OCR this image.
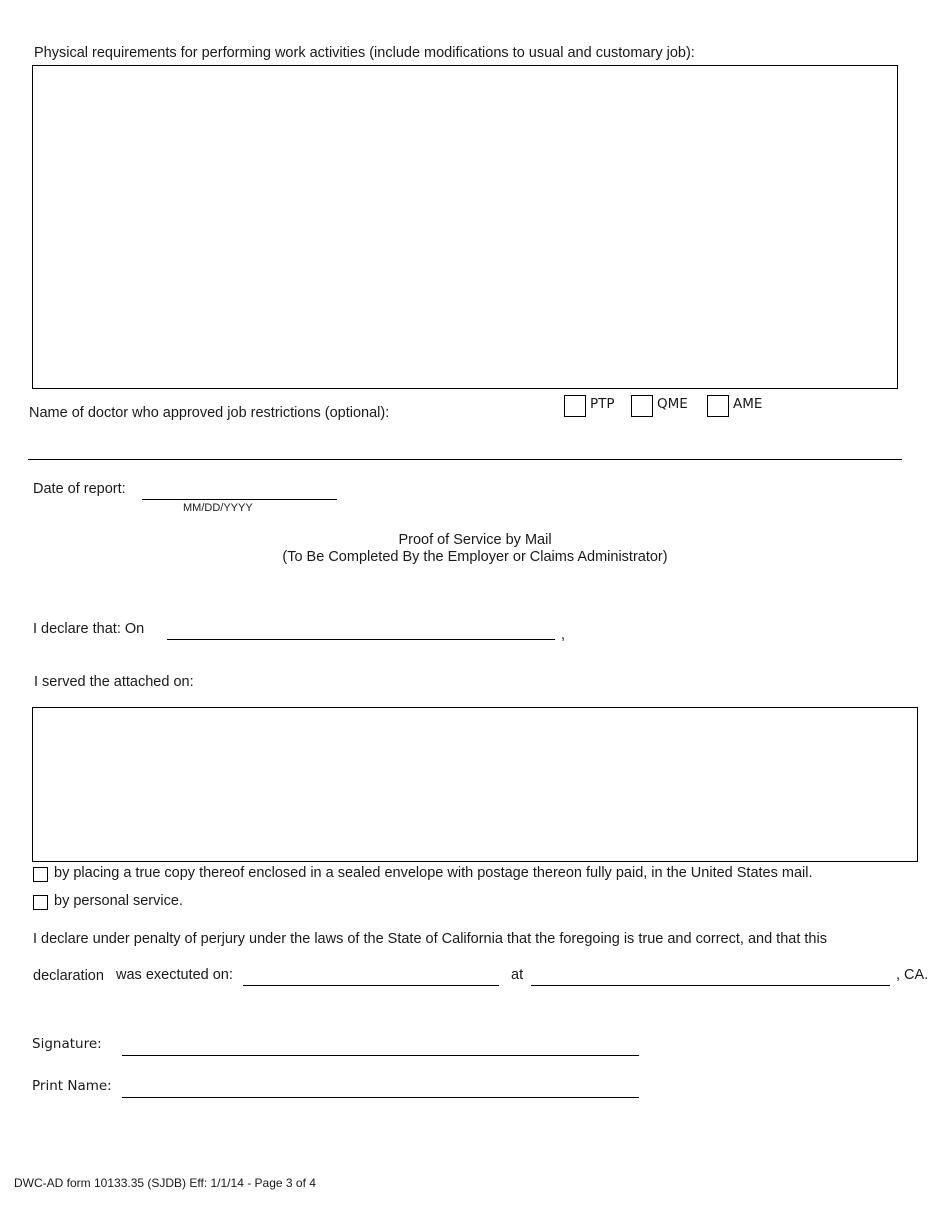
Physical requirements for performing work activities (include modifications to usual and customary job):
Name of doctor who approved job restrictions (optional):
PTP	QME	AME
Date of report:
MM/DD/YYYY
Proof of Service by Mail
(To Be Completed By the Employer or Claims Administrator)
I declare that: On	,
I served the attached on:
by placing a true copy thereof enclosed in a sealed envelope with postage thereon fully paid, in the United States mail.
by personal service.
I declare under penalty of perjury under the laws of the State of California that the foregoing is true and correct, and that this
declaration was exectuted on:	at	, CA.
Signature:
Print Name:
DWC-AD form 10133.35 (SJDB) Eff: 1/1/14 - Page 3 of 4
